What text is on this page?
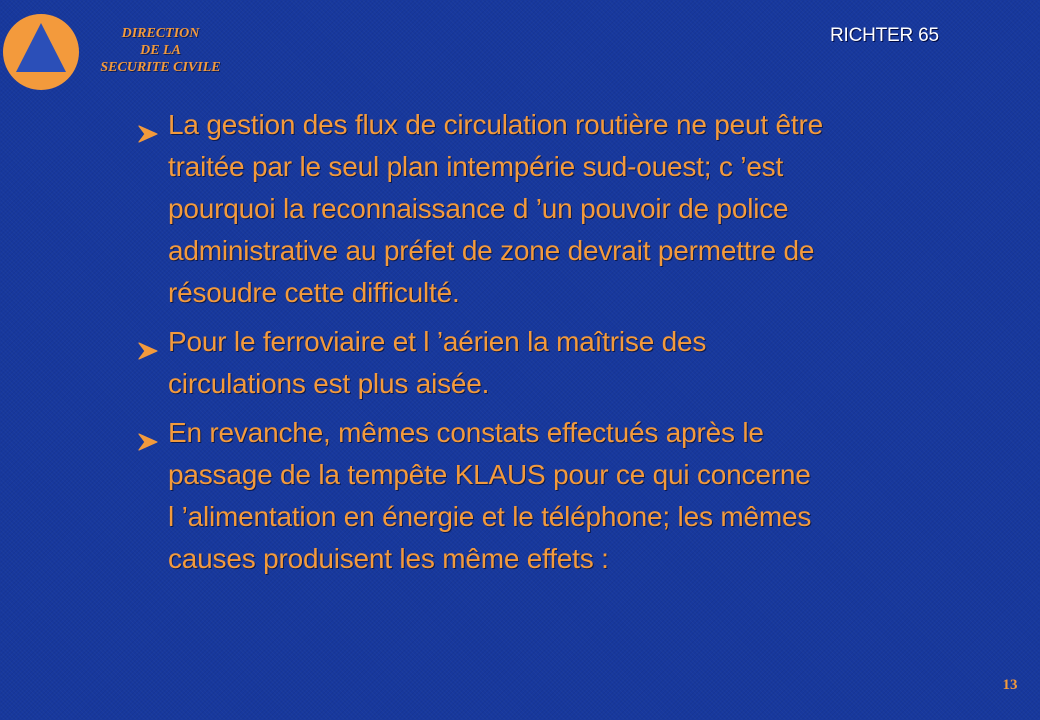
DIRECTION
DE LA
SECURITE CIVILE
RICHTER 65
La gestion des flux de circulation routière ne peut être
traitée par le seul plan intempérie sud-ouest; c ’est
pourquoi la reconnaissance d ’un pouvoir de police
administrative au préfet de zone devrait permettre de
résoudre cette difficulté.
Pour le ferroviaire et l ’aérien la maîtrise des
circulations est plus aisée.
En revanche, mêmes constats effectués après le
passage de la tempête KLAUS pour ce qui concerne
l ’alimentation en énergie et le téléphone; les mêmes
causes produisent les même effets :
13
